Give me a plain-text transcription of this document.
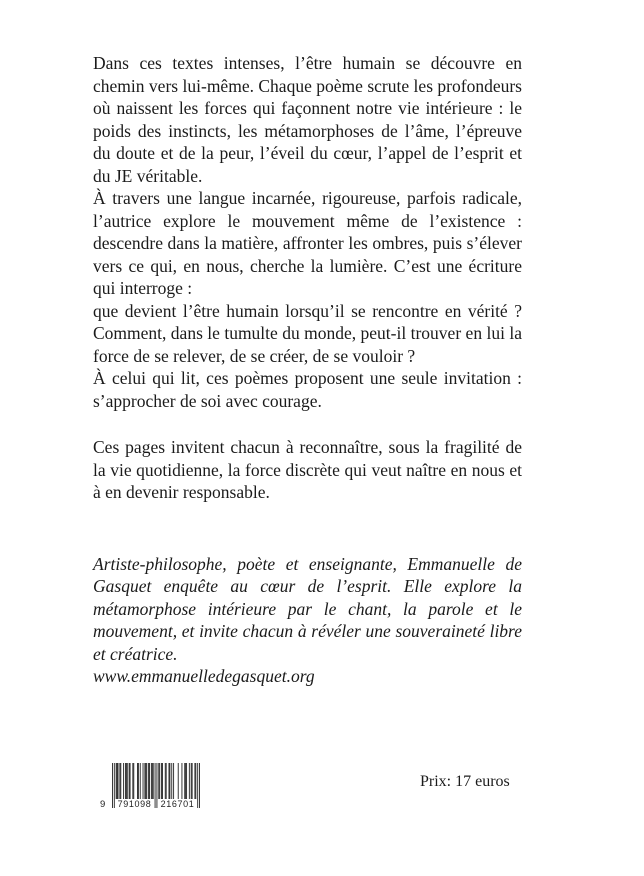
Dans ces textes intenses, l’être humain se découvre en chemin vers lui-même. Chaque poème scrute les profondeurs où naissent les forces qui façonnent notre vie intérieure : le poids des instincts, les métamorphoses de l’âme, l’épreuve du doute et de la peur, l’éveil du cœur, l’appel de l’esprit et du JE véritable.

À travers une langue incarnée, rigoureuse, parfois radicale, l’autrice explore le mouvement même de l’existence : descendre dans la matière, affronter les ombres, puis s’élever vers ce qui, en nous, cherche la lumière. C’est une écriture qui interroge :

que devient l’être humain lorsqu’il se rencontre en vérité ? Comment, dans le tumulte du monde, peut-il trouver en lui la force de se relever, de se créer, de se vouloir ?

À celui qui lit, ces poèmes proposent une seule invitation : s’approcher de soi avec courage.

Ces pages invitent chacun à reconnaître, sous la fragilité de la vie quotidienne, la force discrète qui veut naître en nous et à en devenir responsable.

Artiste-philosophe, poète et enseignante, Emmanuelle de Gasquet enquête au cœur de l’esprit. Elle explore la métamorphose intérieure par le chant, la parole et le mouvement, et invite chacun à révéler une souveraineté libre et créatrice.

www.emmanuelledegasquet.org

9 791098 216701
Prix: 17 euros
